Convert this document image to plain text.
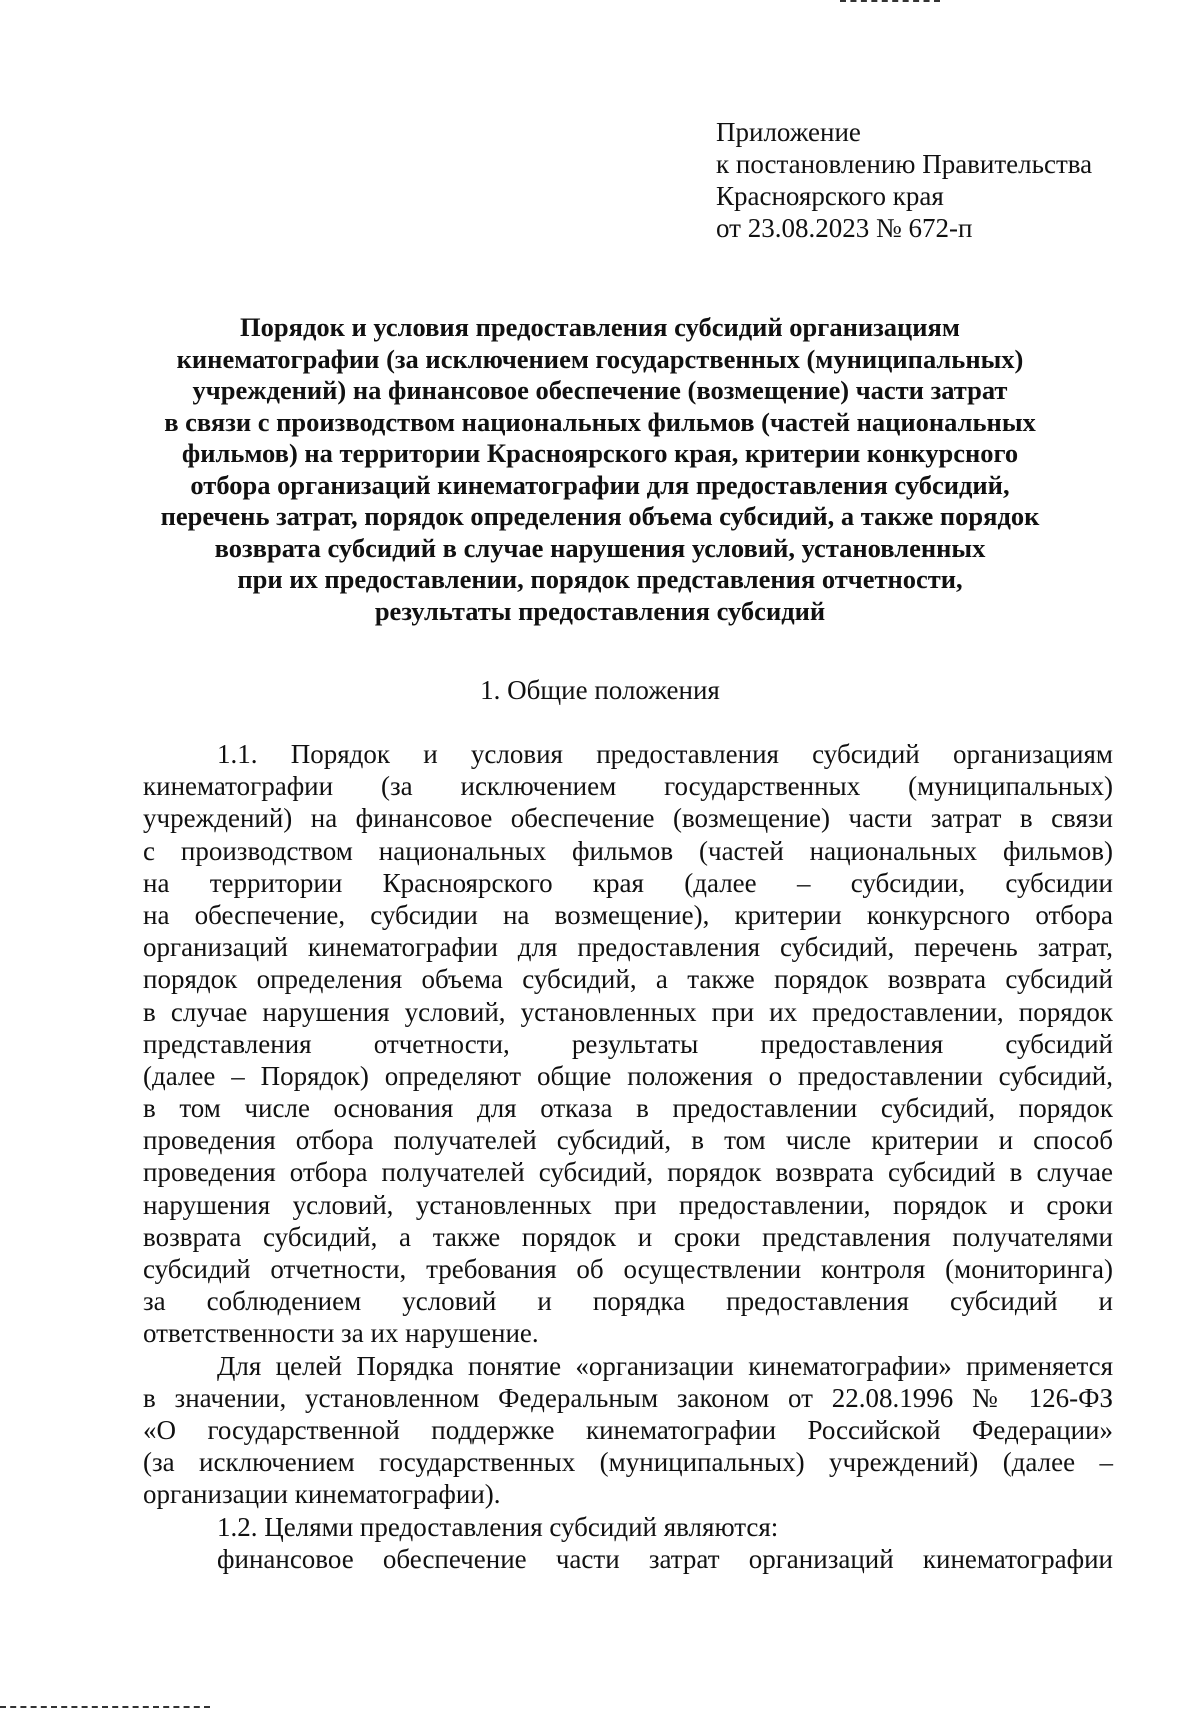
Приложение
к постановлению Правительства
Красноярского края
от 23.08.2023 № 672-п
Порядок и условия предоставления субсидий организациям
кинематографии (за исключением государственных (муниципальных)
учреждений) на финансовое обеспечение (возмещение) части затрат
в связи с производством национальных фильмов (частей национальных
фильмов) на территории Красноярского края, критерии конкурсного
отбора организаций кинематографии для предоставления субсидий,
перечень затрат, порядок определения объема субсидий, а также порядок
возврата субсидий в случае нарушения условий, установленных
при их предоставлении, порядок представления отчетности,
результаты предоставления субсидий
1. Общие положения
1.1. Порядок и условия предоставления субсидий организациям
кинематографии (за исключением государственных (муниципальных)
учреждений) на финансовое обеспечение (возмещение) части затрат в связи
с производством национальных фильмов (частей национальных фильмов)
на территории Красноярского края (далее – субсидии, субсидии
на обеспечение, субсидии на возмещение), критерии конкурсного отбора
организаций кинематографии для предоставления субсидий, перечень затрат,
порядок определения объема субсидий, а также порядок возврата субсидий
в случае нарушения условий, установленных при их предоставлении, порядок
представления отчетности, результаты предоставления субсидий
(далее – Порядок) определяют общие положения о предоставлении субсидий,
в том числе основания для отказа в предоставлении субсидий, порядок
проведения отбора получателей субсидий, в том числе критерии и способ
проведения отбора получателей субсидий, порядок возврата субсидий в случае
нарушения условий, установленных при предоставлении, порядок и сроки
возврата субсидий, а также порядок и сроки представления получателями
субсидий отчетности, требования об осуществлении контроля (мониторинга)
за соблюдением условий и порядка предоставления субсидий и
ответственности за их нарушение.
Для целей Порядка понятие «организации кинематографии» применяется
в значении, установленном Федеральным законом от 22.08.1996 № 126-ФЗ
«О государственной поддержке кинематографии Российской Федерации»
(за исключением государственных (муниципальных) учреждений) (далее –
организации кинематографии).
1.2. Целями предоставления субсидий являются:
финансовое обеспечение части затрат организаций кинематографии
